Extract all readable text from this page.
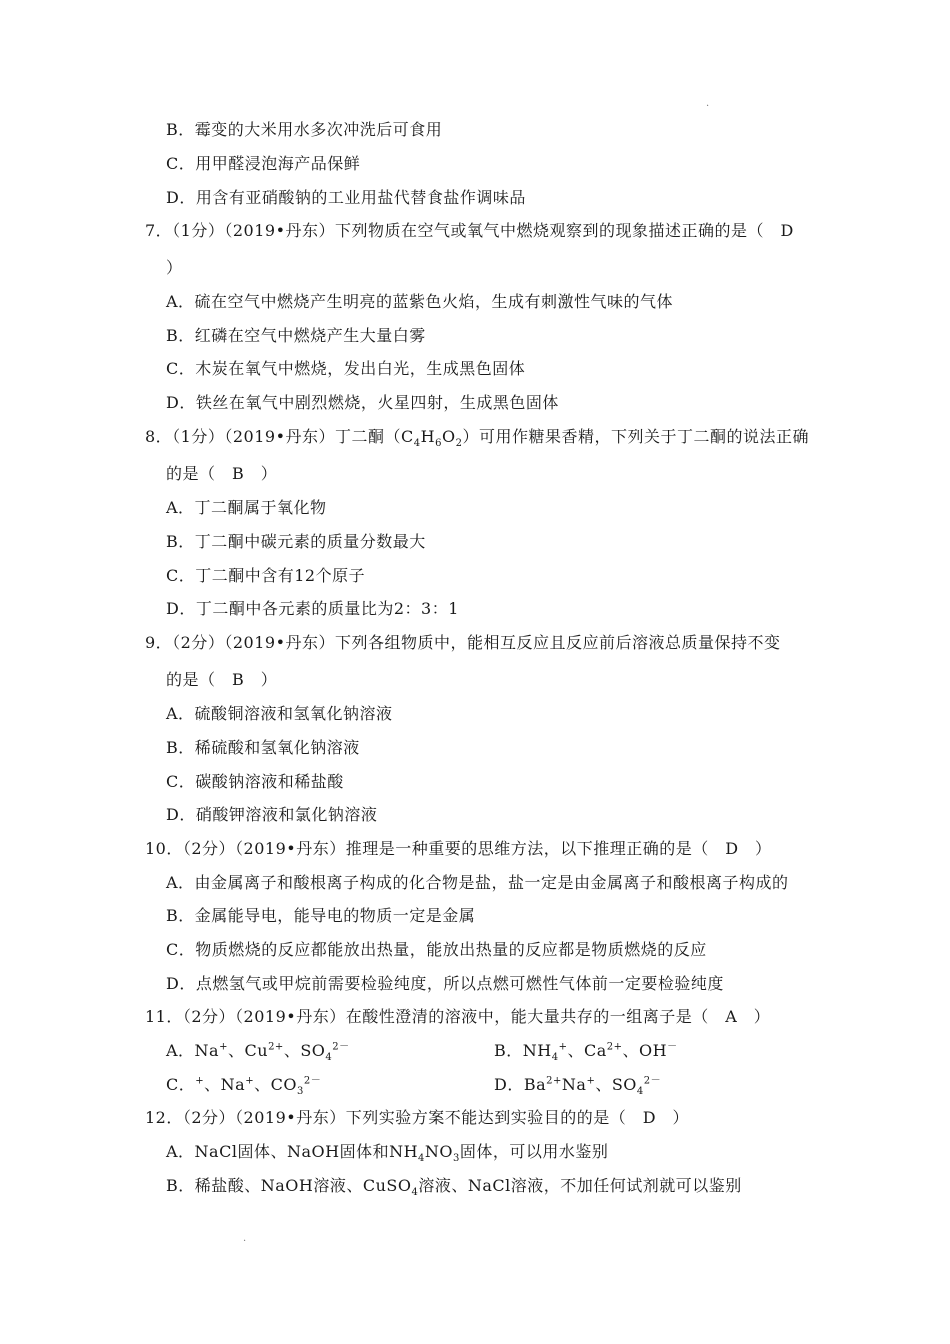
.
B．霉变的大米用水多次冲洗后可食用
C．用甲醛浸泡海产品保鲜
D．用含有亚硝酸钠的工业用盐代替食盐作调味品
7．（1分）（2019•丹东）下列物质在空气或氧气中燃烧观察到的现象描述正确的是（　D
）
A．硫在空气中燃烧产生明亮的蓝紫色火焰，生成有刺激性气味的气体
B．红磷在空气中燃烧产生大量白雾
C．木炭在氧气中燃烧，发出白光，生成黑色固体
D．铁丝在氧气中剧烈燃烧，火星四射，生成黑色固体
8．（1分）（2019•丹东）丁二酮$(C_4H_6O_2)$可用作糖果香精，下列关于丁二酮的说法正确
的是（　B　）
A．丁二酮属于氧化物
B．丁二酮中碳元素的质量分数最大
C．丁二酮中含有12个原子
D．丁二酮中各元素的质量比为2：3：1
9．（2分）（2019•丹东）下列各组物质中，能相互反应且反应前后溶液总质量保持不变
的是（　B　）
A．硫酸铜溶液和氢氧化钠溶液
B．稀硫酸和氢氧化钠溶液
C．碳酸钠溶液和稀盐酸
D．硝酸钾溶液和氯化钠溶液
10．（2分）（2019•丹东）推理是一种重要的思维方法，以下推理正确的是（　D　）
A．由金属离子和酸根离子构成的化合物是盐，盐一定是由金属离子和酸根离子构成的
B．金属能导电，能导电的物质一定是金属
C．物质燃烧的反应都能放出热量，能放出热量的反应都是物质燃烧的反应
D．点燃氢气或甲烷前需要检验纯度，所以点燃可燃性气体前一定要检验纯度
11．（2分）（2019•丹东）在酸性澄清的溶液中，能大量共存的一组离子是（　A　）
A．Na+、$Cu^{2+}$、$SO_4^{2-}$	B．$NH_4^+$、$Ca^{2+}$、OH－
C．+、Na+、$CO_3^{2-}$	D．$Ba^{2+}Na^+$、$SO_4^{2-}$
12．（2分）（2019•丹东）下列实验方案不能达到实验目的的是（　D　）
A．NaCl固体、NaOH固体和$NH_4NO_3$固体，可以用水鉴别
B．稀盐酸、NaOH溶液、CuSO$_4$溶液、NaCl溶液，不加任何试剂就可以鉴别
.
